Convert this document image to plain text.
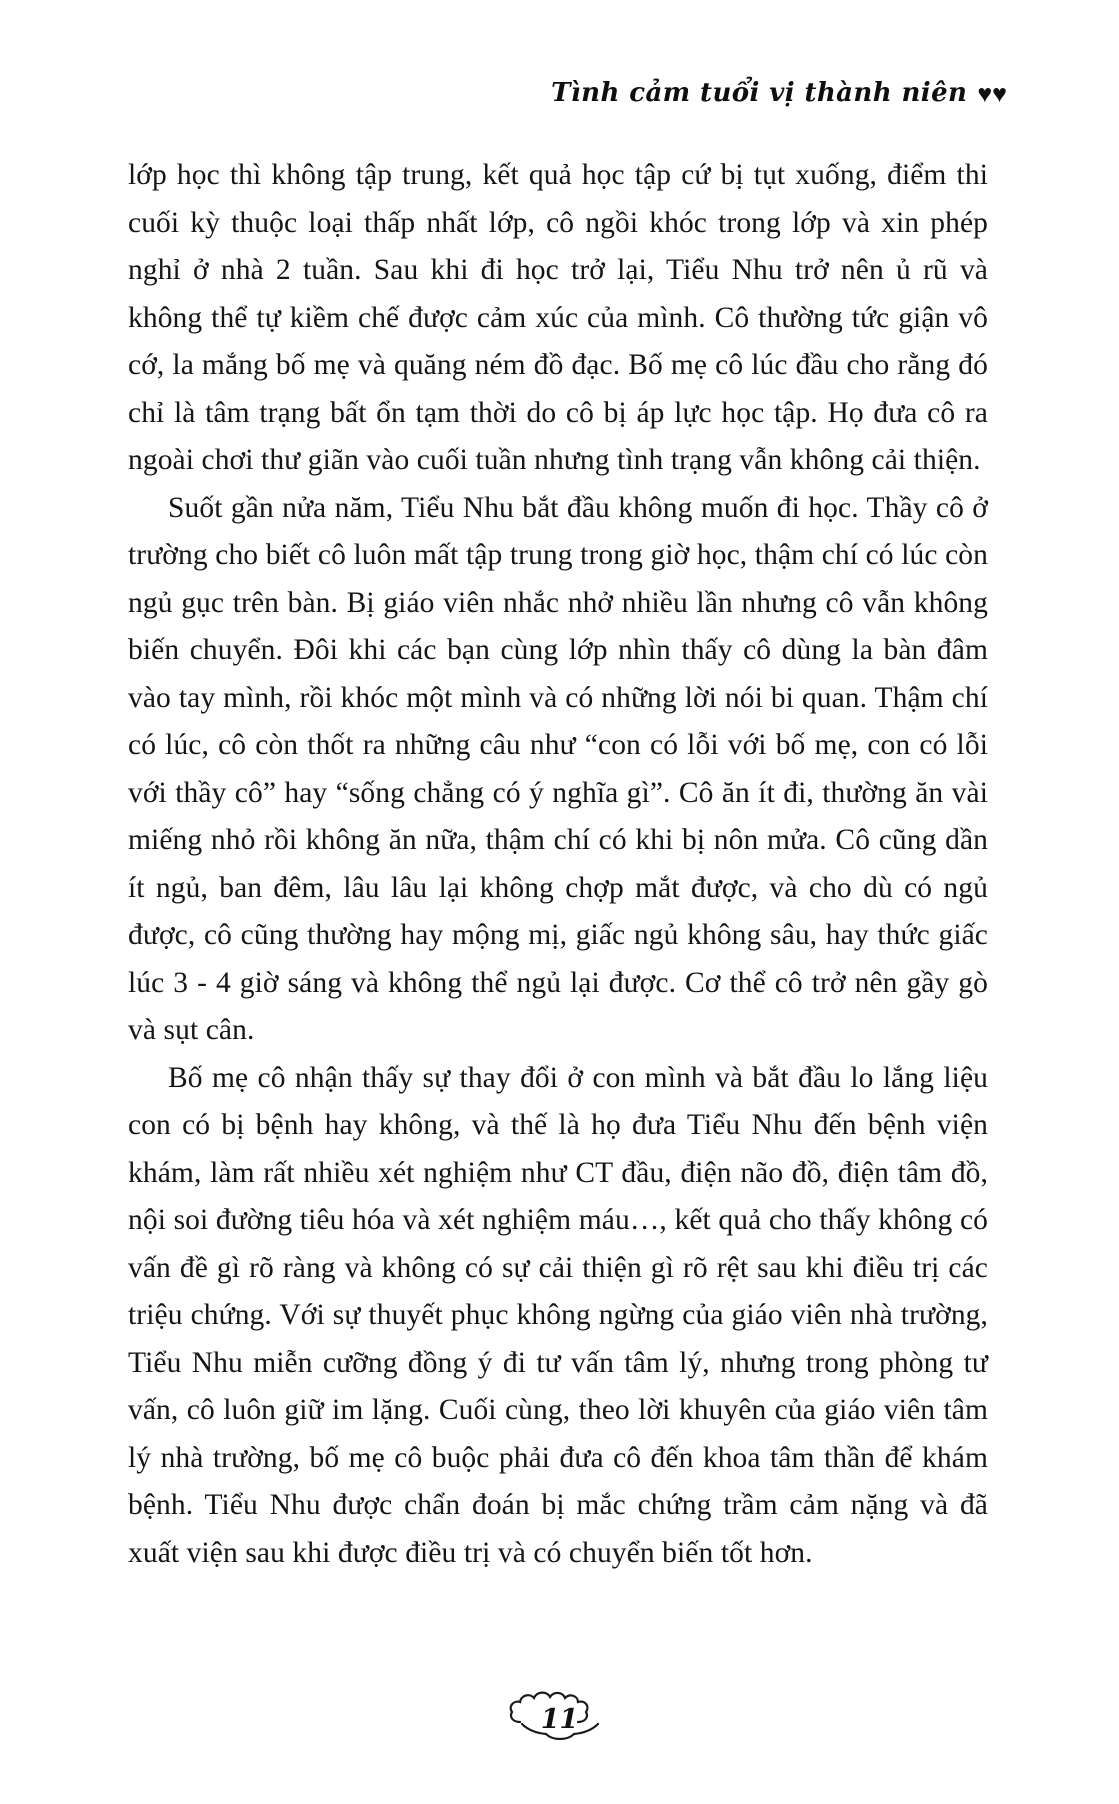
Tình cảm tuổi vị thành niên ♥♥

lớp học thì không tập trung, kết quả học tập cứ bị tụt xuống, điểm thi cuối kỳ thuộc loại thấp nhất lớp, cô ngồi khóc trong lớp và xin phép nghỉ ở nhà 2 tuần. Sau khi đi học trở lại, Tiểu Nhu trở nên ủ rũ và không thể tự kiềm chế được cảm xúc của mình. Cô thường tức giận vô cớ, la mắng bố mẹ và quăng ném đồ đạc. Bố mẹ cô lúc đầu cho rằng đó chỉ là tâm trạng bất ổn tạm thời do cô bị áp lực học tập. Họ đưa cô ra ngoài chơi thư giãn vào cuối tuần nhưng tình trạng vẫn không cải thiện.

Suốt gần nửa năm, Tiểu Nhu bắt đầu không muốn đi học. Thầy cô ở trường cho biết cô luôn mất tập trung trong giờ học, thậm chí có lúc còn ngủ gục trên bàn. Bị giáo viên nhắc nhở nhiều lần nhưng cô vẫn không biến chuyển. Đôi khi các bạn cùng lớp nhìn thấy cô dùng la bàn đâm vào tay mình, rồi khóc một mình và có những lời nói bi quan. Thậm chí có lúc, cô còn thốt ra những câu như “con có lỗi với bố mẹ, con có lỗi với thầy cô” hay “sống chẳng có ý nghĩa gì”. Cô ăn ít đi, thường ăn vài miếng nhỏ rồi không ăn nữa, thậm chí có khi bị nôn mửa. Cô cũng dần ít ngủ, ban đêm, lâu lâu lại không chợp mắt được, và cho dù có ngủ được, cô cũng thường hay mộng mị, giấc ngủ không sâu, hay thức giấc lúc 3 - 4 giờ sáng và không thể ngủ lại được. Cơ thể cô trở nên gầy gò và sụt cân.

Bố mẹ cô nhận thấy sự thay đổi ở con mình và bắt đầu lo lắng liệu con có bị bệnh hay không, và thế là họ đưa Tiểu Nhu đến bệnh viện khám, làm rất nhiều xét nghiệm như CT đầu, điện não đồ, điện tâm đồ, nội soi đường tiêu hóa và xét nghiệm máu…, kết quả cho thấy không có vấn đề gì rõ ràng và không có sự cải thiện gì rõ rệt sau khi điều trị các triệu chứng. Với sự thuyết phục không ngừng của giáo viên nhà trường, Tiểu Nhu miễn cưỡng đồng ý đi tư vấn tâm lý, nhưng trong phòng tư vấn, cô luôn giữ im lặng. Cuối cùng, theo lời khuyên của giáo viên tâm lý nhà trường, bố mẹ cô buộc phải đưa cô đến khoa tâm thần để khám bệnh. Tiểu Nhu được chẩn đoán bị mắc chứng trầm cảm nặng và đã xuất viện sau khi được điều trị và có chuyển biến tốt hơn.

11
